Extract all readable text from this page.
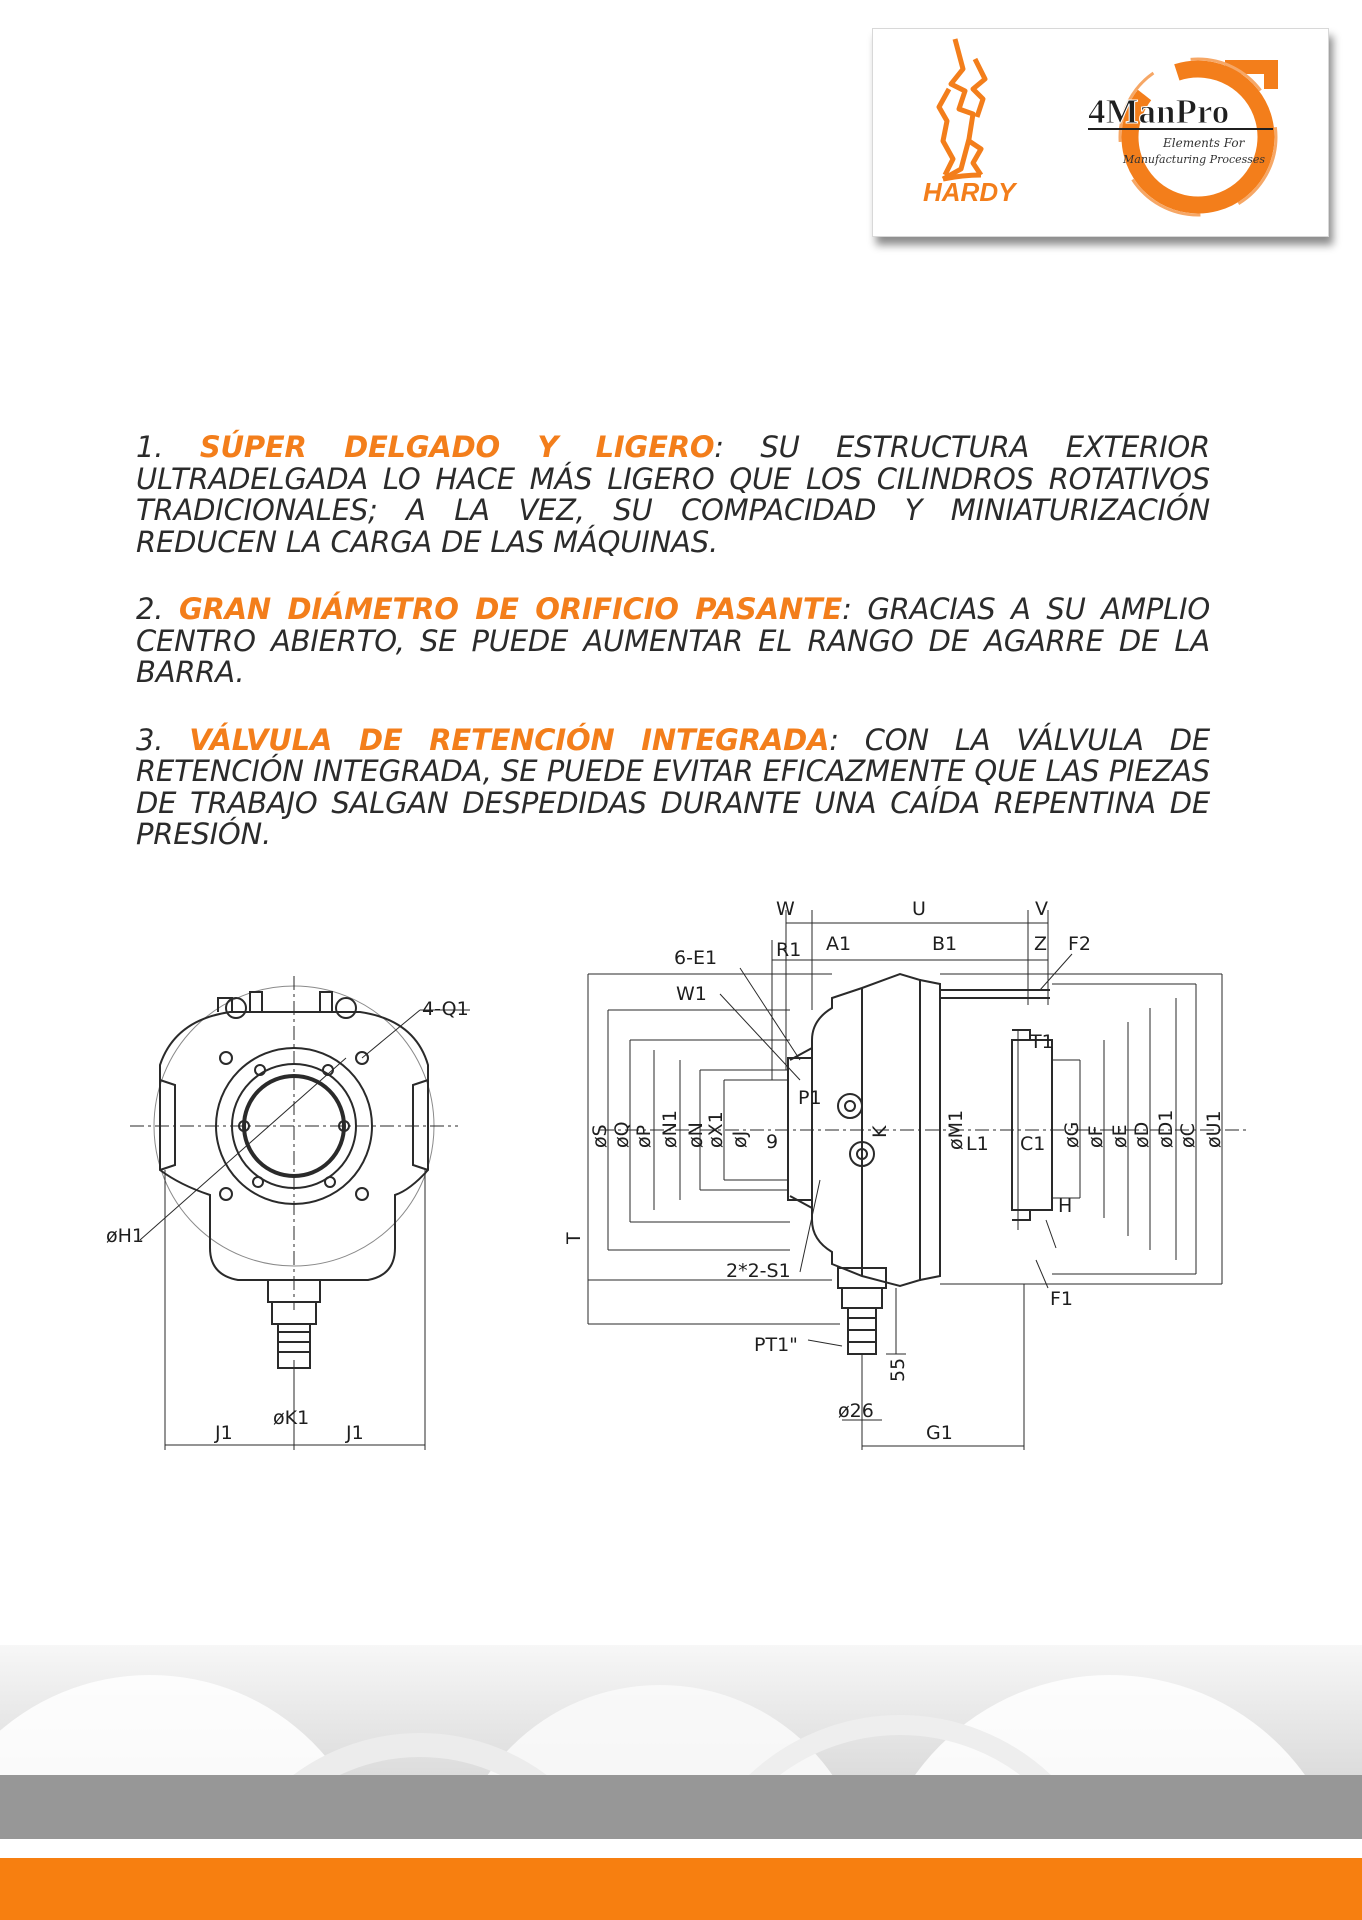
HARDY
4ManPro
Elements For
Manufacturing Processes

1. SÚPER DELGADO Y LIGERO: SU ESTRUCTURA EXTERIOR ULTRADELGADA LO HACE MÁS LIGERO QUE LOS CILINDROS ROTATIVOS TRADICIONALES; A LA VEZ, SU COMPACIDAD Y MINIATURIZACIÓN REDUCEN LA CARGA DE LAS MÁQUINAS.

2. GRAN DIÁMETRO DE ORIFICIO PASANTE: GRACIAS A SU AMPLIO CENTRO ABIERTO, SE PUEDE AUMENTAR EL RANGO DE AGARRE DE LA BARRA.

3. VÁLVULA DE RETENCIÓN INTEGRADA: CON LA VÁLVULA DE RETENCIÓN INTEGRADA, SE PUEDE EVITAR EFICAZMENTE QUE LAS PIEZAS DE TRABAJO SALGAN DESPEDIDAS DURANTE UNA CAÍDA REPENTINA DE PRESIÓN.

4-Q1
øH1
øK1
J1	J1
W	U	V
6-E1	R1 A1	B1	Z F2
W1
T1
P1
9	K	øM1 L1 C1
H
T
2*2-S1
F1
PT1"
55
ø26
G1
øS øQ øP øN1 øN
øX1 øJ	øG øF øE øD øD1 øC øU1
